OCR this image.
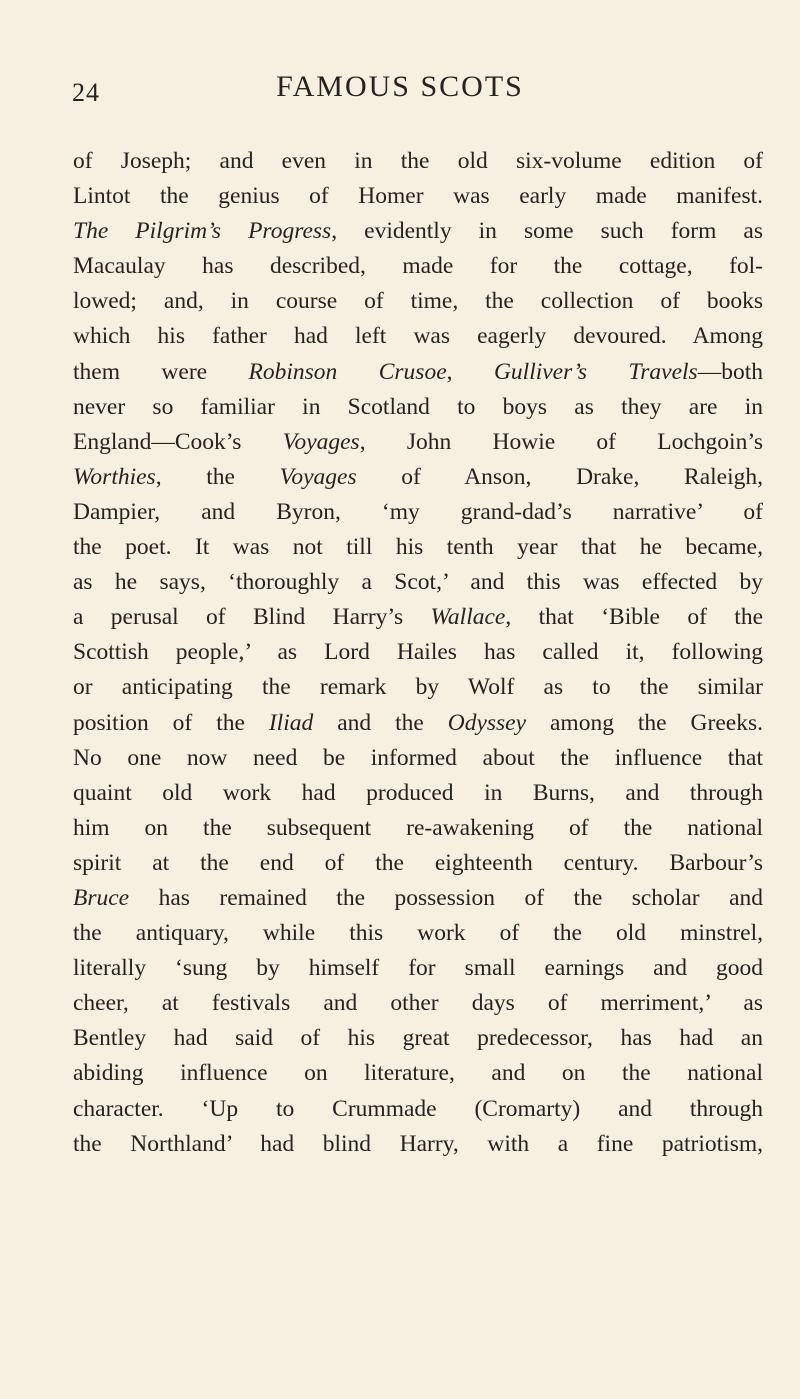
24	FAMOUS SCOTS
of Joseph; and even in the old six-volume edition of
Lintot the genius of Homer was early made manifest.
The Pilgrim’s Progress, evidently in some such form as
Macaulay has described, made for the cottage, fol-
lowed; and, in course of time, the collection of books
which his father had left was eagerly devoured. Among
them were Robinson Crusoe, Gulliver’s Travels—both
never so familiar in Scotland to boys as they are in
England—Cook’s Voyages, John Howie of Lochgoin’s
Worthies, the Voyages of Anson, Drake, Raleigh,
Dampier, and Byron, ‘my grand-dad’s narrative’ of
the poet. It was not till his tenth year that he became,
as he says, ‘thoroughly a Scot,’ and this was effected by
a perusal of Blind Harry’s Wallace, that ‘Bible of the
Scottish people,’ as Lord Hailes has called it, following
or anticipating the remark by Wolf as to the similar
position of the Iliad and the Odyssey among the Greeks.
No one now need be informed about the influence that
quaint old work had produced in Burns, and through
him on the subsequent re-awakening of the national
spirit at the end of the eighteenth century. Barbour’s
Bruce has remained the possession of the scholar and
the antiquary, while this work of the old minstrel,
literally ‘sung by himself for small earnings and good
cheer, at festivals and other days of merriment,’ as
Bentley had said of his great predecessor, has had an
abiding influence on literature, and on the national
character. ‘Up to Crummade (Cromarty) and through
the Northland’ had blind Harry, with a fine patriotism,
